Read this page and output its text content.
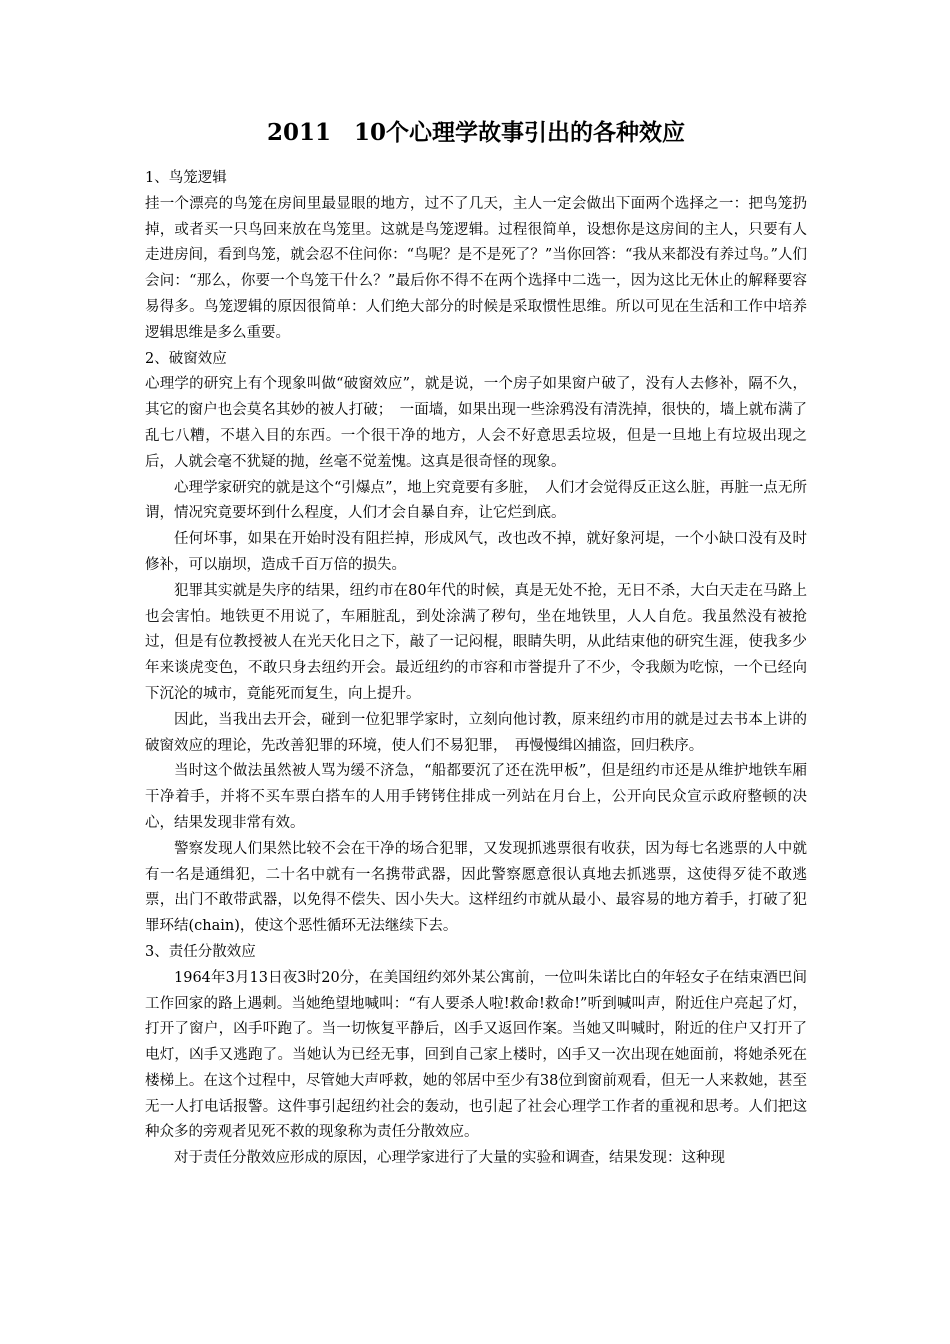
2011　10个心理学故事引出的各种效应

1、鸟笼逻辑

挂一个漂亮的鸟笼在房间里最显眼的地方，过不了几天，主人一定会做出下面两个选择之一：把鸟笼扔掉，或者买一只鸟回来放在鸟笼里。这就是鸟笼逻辑。过程很简单，设想你是这房间的主人，只要有人走进房间，看到鸟笼，就会忍不住问你：“鸟呢？是不是死了？”当你回答：“我从来都没有养过鸟。”人们会问：“那么，你要一个鸟笼干什么？”最后你不得不在两个选择中二选一，因为这比无休止的解释要容易得多。鸟笼逻辑的原因很简单：人们绝大部分的时候是采取惯性思维。所以可见在生活和工作中培养逻辑思维是多么重要。

2、破窗效应

心理学的研究上有个现象叫做“破窗效应”，就是说，一个房子如果窗户破了，没有人去修补，隔不久，其它的窗户也会莫名其妙的被人打破；　一面墙，如果出现一些涂鸦没有清洗掉，很快的，墙上就布满了乱七八糟，不堪入目的东西。一个很干净的地方，人会不好意思丢垃圾，但是一旦地上有垃圾出现之后，人就会毫不犹疑的抛，丝毫不觉羞愧。这真是很奇怪的现象。

心理学家研究的就是这个“引爆点”，地上究竟要有多脏，　人们才会觉得反正这么脏，再脏一点无所谓，情况究竟要坏到什么程度，人们才会自暴自弃，让它烂到底。

任何坏事，如果在开始时没有阻拦掉，形成风气，改也改不掉，就好象河堤，一个小缺口没有及时修补，可以崩坝，造成千百万倍的损失。

犯罪其实就是失序的结果，纽约市在80年代的时候，真是无处不抢，无日不杀，大白天走在马路上也会害怕。地铁更不用说了，车厢脏乱，到处涂满了秽句，坐在地铁里，人人自危。我虽然没有被抢过，但是有位教授被人在光天化日之下，敲了一记闷棍，眼睛失明，从此结束他的研究生涯，使我多少年来谈虎变色，不敢只身去纽约开会。最近纽约的市容和市誉提升了不少，令我颇为吃惊，一个已经向下沉沦的城市，竟能死而复生，向上提升。

因此，当我出去开会，碰到一位犯罪学家时，立刻向他讨教，原来纽约市用的就是过去书本上讲的破窗效应的理论，先改善犯罪的环境，使人们不易犯罪，　再慢慢缉凶捕盗，回归秩序。

当时这个做法虽然被人骂为缓不济急，“船都要沉了还在洗甲板”，但是纽约市还是从维护地铁车厢干净着手，并将不买车票白搭车的人用手铐铐住排成一列站在月台上，公开向民众宣示政府整顿的决心，结果发现非常有效。

警察发现人们果然比较不会在干净的场合犯罪，又发现抓逃票很有收获，因为每七名逃票的人中就有一名是通缉犯，二十名中就有一名携带武器，因此警察愿意很认真地去抓逃票，这使得歹徒不敢逃票，出门不敢带武器，以免得不偿失、因小失大。这样纽约市就从最小、最容易的地方着手，打破了犯罪环结(chain)，使这个恶性循环无法继续下去。

3、责任分散效应

1964年3月13日夜3时20分，在美国纽约郊外某公寓前，一位叫朱诺比白的年轻女子在结束酒巴间工作回家的路上遇刺。当她绝望地喊叫：“有人要杀人啦!救命!救命!”听到喊叫声，附近住户亮起了灯，打开了窗户，凶手吓跑了。当一切恢复平静后，凶手又返回作案。当她又叫喊时，附近的住户又打开了电灯，凶手又逃跑了。当她认为已经无事，回到自己家上楼时，凶手又一次出现在她面前，将她杀死在楼梯上。在这个过程中，尽管她大声呼救，她的邻居中至少有38位到窗前观看，但无一人来救她，甚至无一人打电话报警。这件事引起纽约社会的轰动，也引起了社会心理学工作者的重视和思考。人们把这种众多的旁观者见死不救的现象称为责任分散效应。

对于责任分散效应形成的原因，心理学家进行了大量的实验和调查，结果发现：这种现
